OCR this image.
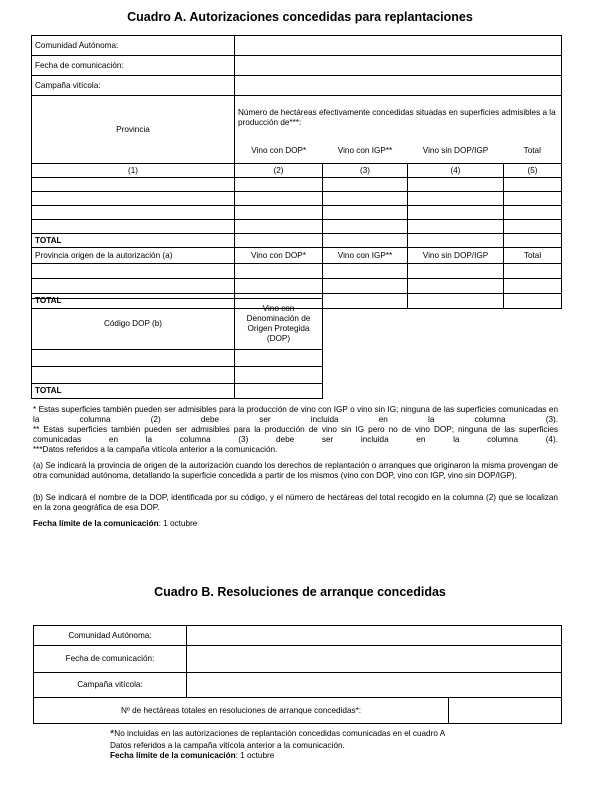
Cuadro A. Autorizaciones concedidas para replantaciones
Comunidad Autónoma:	
Fecha de comunicación:	
Campaña vitícola:	
Provincia	Número de hectáreas efectivamente concedidas situadas en superficies admisibles a la producción de***:			
	Vino con DOP*	Vino con IGP**	Vino sin DOP/IGP	Total
(1)	(2)	(3)	(4)	(5)

TOTAL				
Provincia origen de la autorización (a)	Vino con DOP*	Vino con IGP**	Vino sin DOP/IGP	Total

TOTAL				
Código DOP (b)	Vino con Denominación de Origen Protegida (DOP)

TOTAL	

* Estas superficies también pueden ser admisibles para la producción de vino con IGP o vino sin IG; ninguna de las superficies comunicadas en la columna (2) debe ser incluida en la columna (3).

** Estas superficies también pueden ser admisibles para la producción de vino sin IG pero no de vino DOP; ninguna de las superficies comunicadas en la columna (3) debe ser incluida en la columna (4).

***Datos referidos a la campaña vitícola anterior a la comunicación.

(a) Se indicará la provincia de origen de la autorización cuando los derechos de replantación o arranques que originaron la misma provengan de otra comunidad autónoma, detallando la superficie concedida a partir de los mismos (vino con DOP, vino con IGP, vino sin DOP/IGP).

(b) Se indicará el nombre de la DOP, identificada por su código, y el número de hectáreas del total recogido en la columna (2) que se localizan en la zona geográfica de esa DOP.

Fecha límite de la comunicación: 1 octubre

Cuadro B. Resoluciones de arranque concedidas
Comunidad Autónoma:		
Fecha de comunicación:		
Campaña vitícola:		
Nº de hectáreas totales en resoluciones de arranque concedidas*:		

*No incluidas en las autorizaciones de replantación concedidas comunicadas en el cuadro A

Datos referidos a la campaña vitícola anterior a la comunicación.

Fecha límite de la comunicación: 1 octubre
